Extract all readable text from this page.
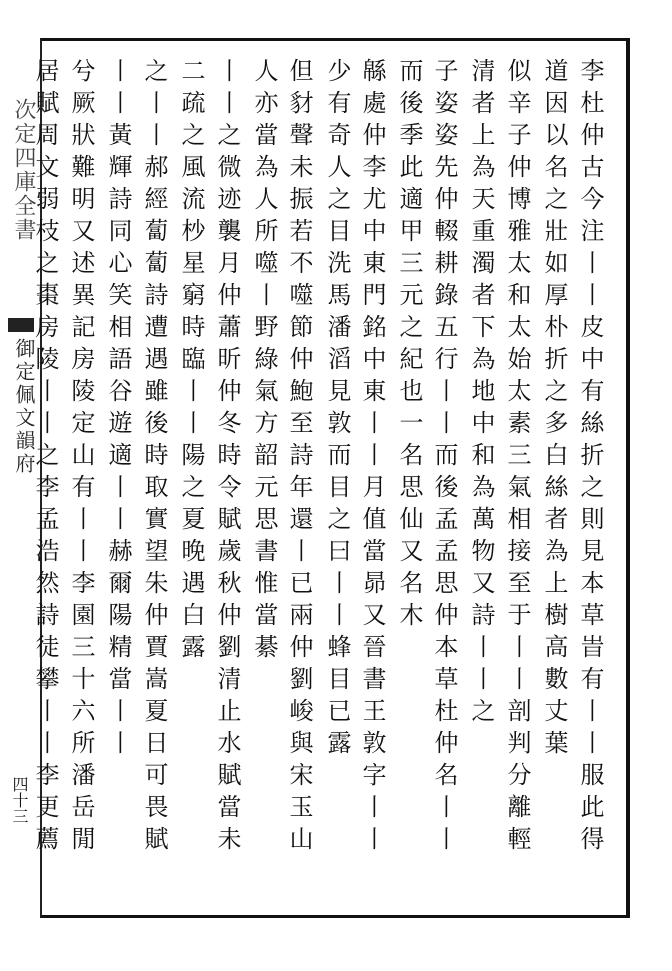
次定四庫全書
御定佩文韻府
四十三	李杜仲古今注丨丨皮中有絲折之則見本草旹有丨丨服此得
道因以名之壯如厚朴折之多白絲者為上樹高數丈葉
似辛子仲博雅太和太始太素三氣相接至于丨丨剖判分離輕
清者上為天重濁者下為地中和為萬物又詩丨丨之
子姿姿先仲輟耕錄五行丨丨而後孟孟思仲本草杜仲名丨丨
而後季此適甲三元之紀也一名思仙又名木
緜處仲李尤中東門銘中東丨丨月值當昴又晉書王敦字丨丨
少有奇人之目洗馬潘滔見敦而目之曰丨丨蜂目已露
但豺聲未振若不噬節仲鮑至詩年還丨已兩仲劉峻與宋玉山
人亦當為人所噬丨野綠氣方韶元思書惟當綦
丨丨之微迹襲月仲蕭昕仲冬時令賦歲秋仲劉清止水賦當未
二疏之風流杪星窮時臨丨丨陽之夏晚遇白露
之丨丨郝經蔔蔔詩遭遇雖後時取實望朱仲賈嵩夏日可畏賦
丨丨黃輝詩同心笑相語谷遊適丨丨赫爾陽精當丨丨
兮厥狀難明又述異記房陵定山有丨丨李園三十六所潘岳閒
居賦周文弱枝之棗房陵丨丨之李孟浩然詩徒攀丨丨李更薦
